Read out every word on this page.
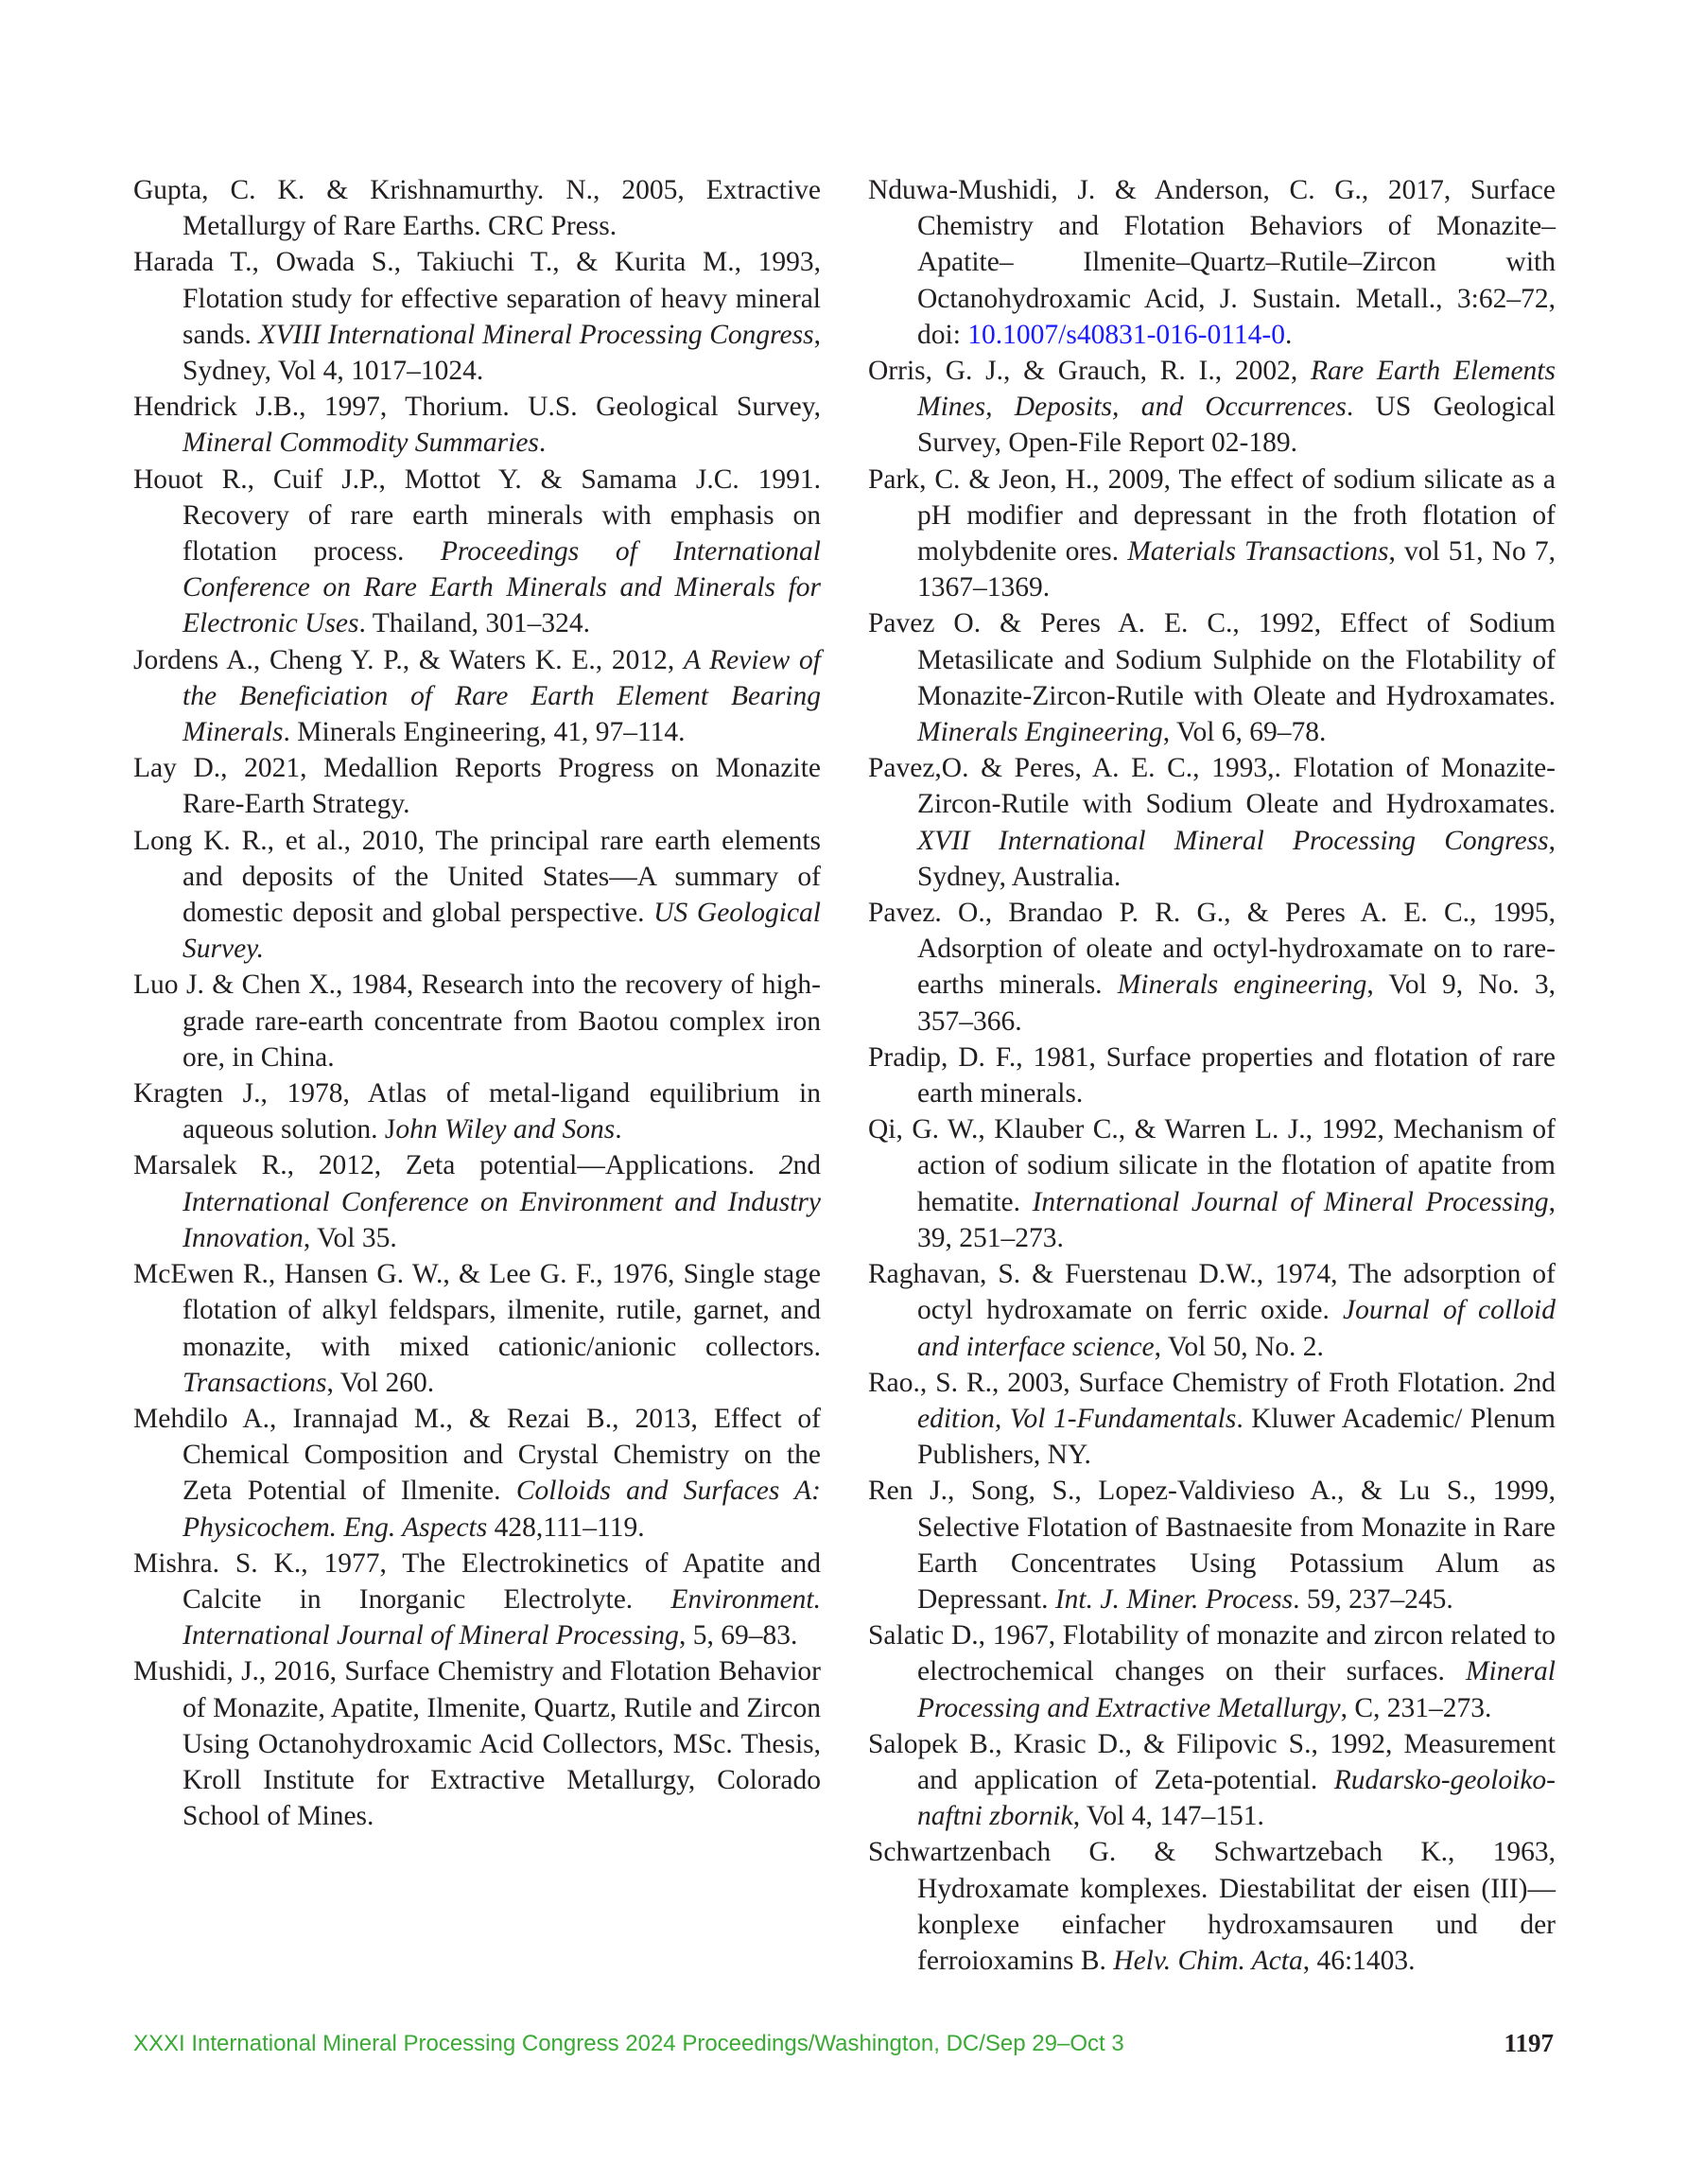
Gupta, C. K. & Krishnamurthy. N., 2005, Extractive Metallurgy of Rare Earths. CRC Press.

Harada T., Owada S., Takiuchi T., & Kurita M., 1993, Flotation study for effective separation of heavy mineral sands. XVIII International Mineral Processing Congress, Sydney, Vol 4, 1017–1024.

Hendrick J.B., 1997, Thorium. U.S. Geological Survey, Mineral Commodity Summaries.

Houot R., Cuif J.P., Mottot Y. & Samama J.C. 1991. Recovery of rare earth minerals with emphasis on flotation process. Proceedings of International Conference on Rare Earth Minerals and Minerals for Electronic Uses. Thailand, 301–324.

Jordens A., Cheng Y. P., & Waters K. E., 2012, A Review of the Beneficiation of Rare Earth Element Bearing Minerals. Minerals Engineering, 41, 97–114.

Lay D., 2021, Medallion Reports Progress on Monazite Rare-Earth Strategy.

Long K. R., et al., 2010, The principal rare earth elements and deposits of the United States—A summary of domestic deposit and global perspective. US Geological Survey.

Luo J. & Chen X., 1984, Research into the recovery of high-grade rare-earth concentrate from Baotou complex iron ore, in China.

Kragten J., 1978, Atlas of metal-ligand equilibrium in aqueous solution. John Wiley and Sons.

Marsalek R., 2012, Zeta potential—Applications. 2nd International Conference on Environment and Industry Innovation, Vol 35.

McEwen R., Hansen G. W., & Lee G. F., 1976, Single stage flotation of alkyl feldspars, ilmenite, rutile, garnet, and monazite, with mixed cationic/anionic collectors. Transactions, Vol 260.

Mehdilo A., Irannajad M., & Rezai B., 2013, Effect of Chemical Composition and Crystal Chemistry on the Zeta Potential of Ilmenite. Colloids and Surfaces A: Physicochem. Eng. Aspects 428,111–119.

Mishra. S. K., 1977, The Electrokinetics of Apatite and Calcite in Inorganic Electrolyte. Environment. International Journal of Mineral Processing, 5, 69–83.

Mushidi, J., 2016, Surface Chemistry and Flotation Behavior of Monazite, Apatite, Ilmenite, Quartz, Rutile and Zircon Using Octanohydroxamic Acid Collectors, MSc. Thesis, Kroll Institute for Extractive Metallurgy, Colorado School of Mines.

Nduwa-Mushidi, J. & Anderson, C. G., 2017, Surface Chemistry and Flotation Behaviors of Monazite–Apatite– Ilmenite–Quartz–Rutile–Zircon with Octanohydroxamic Acid, J. Sustain. Metall., 3:62–72, doi: 10.1007/s40831-016-0114-0.

Orris, G. J., & Grauch, R. I., 2002, Rare Earth Elements Mines, Deposits, and Occurrences. US Geological Survey, Open-File Report 02-189.

Park, C. & Jeon, H., 2009, The effect of sodium silicate as a pH modifier and depressant in the froth flotation of molybdenite ores. Materials Transactions, vol 51, No 7, 1367–1369.

Pavez O. & Peres A. E. C., 1992, Effect of Sodium Metasilicate and Sodium Sulphide on the Flotability of Monazite-Zircon-Rutile with Oleate and Hydroxamates. Minerals Engineering, Vol 6, 69–78.

Pavez,O. & Peres, A. E. C., 1993,. Flotation of Monazite-Zircon-Rutile with Sodium Oleate and Hydroxamates. XVII International Mineral Processing Congress, Sydney, Australia.

Pavez. O., Brandao P. R. G., & Peres A. E. C., 1995, Adsorption of oleate and octyl-hydroxamate on to rare-earths minerals. Minerals engineering, Vol 9, No. 3, 357–366.

Pradip, D. F., 1981, Surface properties and flotation of rare earth minerals.

Qi, G. W., Klauber C., & Warren L. J., 1992, Mechanism of action of sodium silicate in the flotation of apatite from hematite. International Journal of Mineral Processing, 39, 251–273.

Raghavan, S. & Fuerstenau D.W., 1974, The adsorption of octyl hydroxamate on ferric oxide. Journal of colloid and interface science, Vol 50, No. 2.

Rao., S. R., 2003, Surface Chemistry of Froth Flotation. 2nd edition, Vol 1-Fundamentals. Kluwer Academic/ Plenum Publishers, NY.

Ren J., Song, S., Lopez-Valdivieso A., & Lu S., 1999, Selective Flotation of Bastnaesite from Monazite in Rare Earth Concentrates Using Potassium Alum as Depressant. Int. J. Miner. Process. 59, 237–245.

Salatic D., 1967, Flotability of monazite and zircon related to electrochemical changes on their surfaces. Mineral Processing and Extractive Metallurgy, C, 231–273.

Salopek B., Krasic D., & Filipovic S., 1992, Measurement and application of Zeta-potential. Rudarsko-geoloiko-naftni zbornik, Vol 4, 147–151.

Schwartzenbach G. & Schwartzebach K., 1963, Hydroxamate komplexes. Diestabilitat der eisen (III)—konplexe einfacher hydroxamsauren und der ferroioxamins B. Helv. Chim. Acta, 46:1403.

XXXI International Mineral Processing Congress 2024 Proceedings/Washington, DC/Sep 29–Oct 3	1197
